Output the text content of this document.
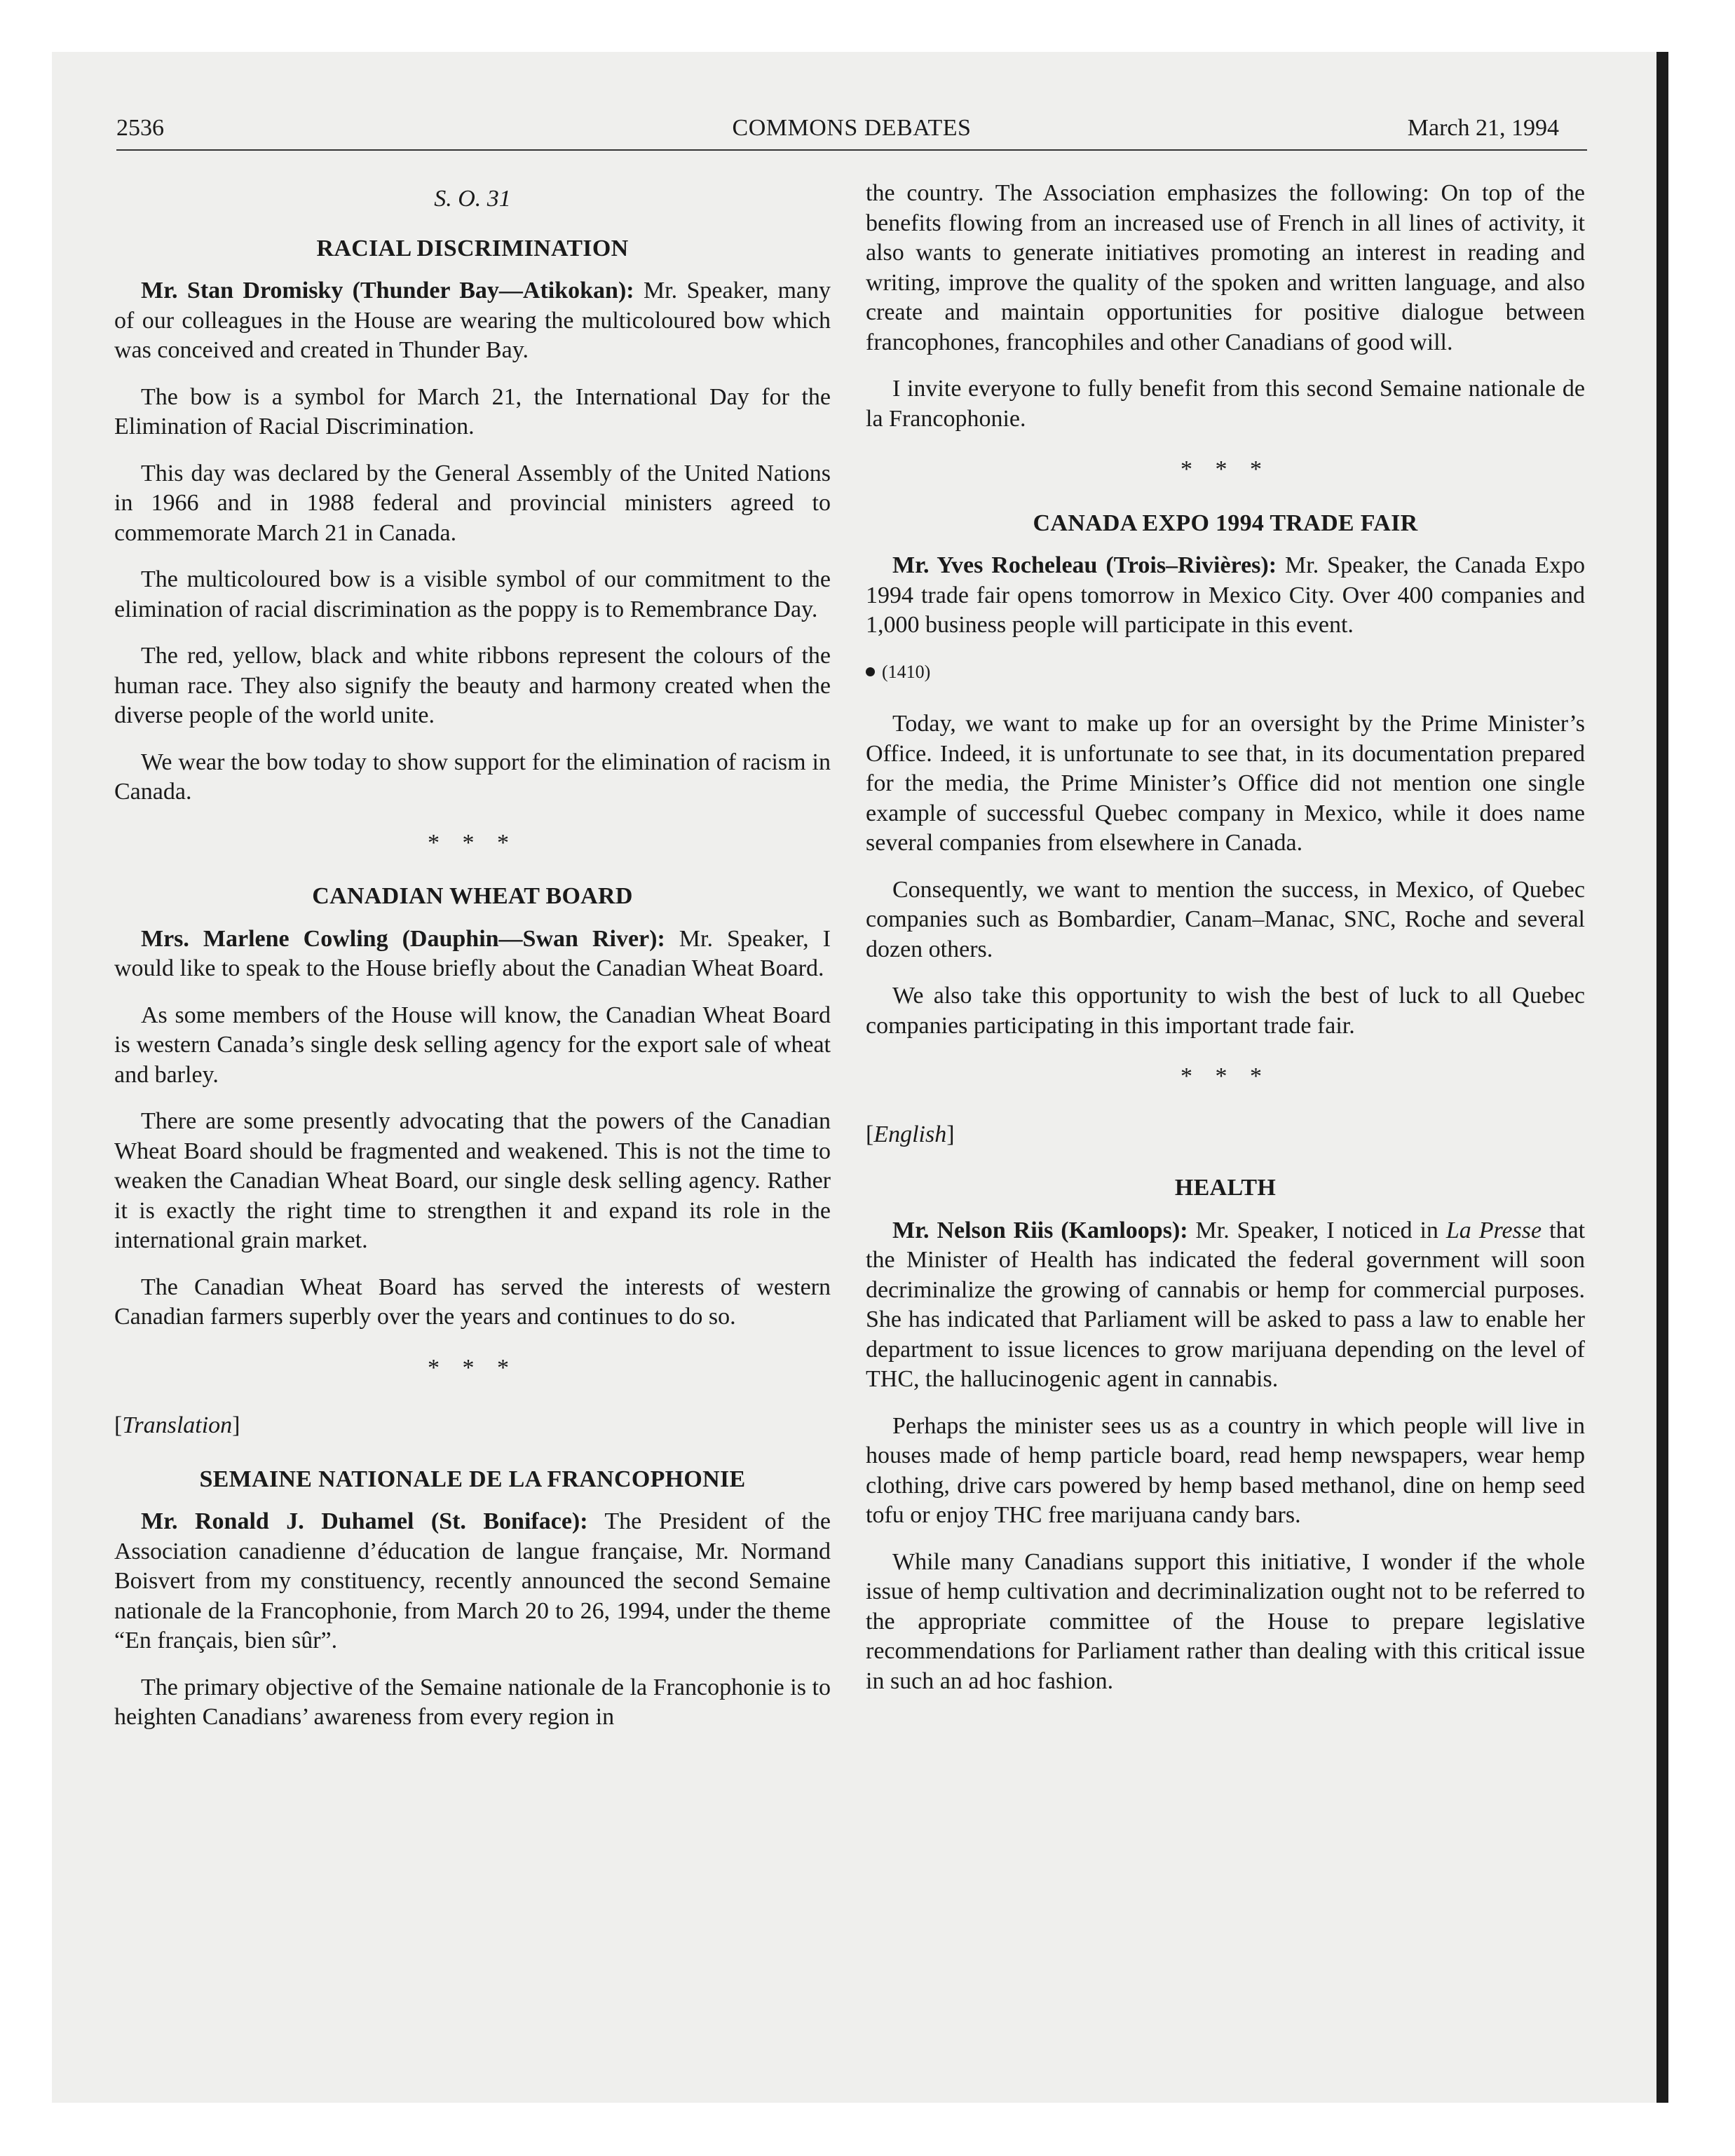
2536	COMMONS DEBATES	March 21, 1994
S. O. 31
RACIAL DISCRIMINATION

Mr. Stan Dromisky (Thunder Bay—Atikokan): Mr. Speaker, many of our colleagues in the House are wearing the multicoloured bow which was conceived and created in Thunder Bay.

The bow is a symbol for March 21, the International Day for the Elimination of Racial Discrimination.

This day was declared by the General Assembly of the United Nations in 1966 and in 1988 federal and provincial ministers agreed to commemorate March 21 in Canada.

The multicoloured bow is a visible symbol of our commitment to the elimination of racial discrimination as the poppy is to Remembrance Day.

The red, yellow, black and white ribbons represent the colours of the human race. They also signify the beauty and harmony created when the diverse people of the world unite.

We wear the bow today to show support for the elimination of racism in Canada.

* * *
CANADIAN WHEAT BOARD

Mrs. Marlene Cowling (Dauphin—Swan River): Mr. Speaker, I would like to speak to the House briefly about the Canadian Wheat Board.

As some members of the House will know, the Canadian Wheat Board is western Canada’s single desk selling agency for the export sale of wheat and barley.

There are some presently advocating that the powers of the Canadian Wheat Board should be fragmented and weakened. This is not the time to weaken the Canadian Wheat Board, our single desk selling agency. Rather it is exactly the right time to strengthen it and expand its role in the international grain market.

The Canadian Wheat Board has served the interests of western Canadian farmers superbly over the years and continues to do so.

* * *
[Translation]
SEMAINE NATIONALE DE LA FRANCOPHONIE

Mr. Ronald J. Duhamel (St. Boniface): The President of the Association canadienne d’éducation de langue française, Mr. Normand Boisvert from my constituency, recently announced the second Semaine nationale de la Francophonie, from March 20 to 26, 1994, under the theme “En français, bien sûr”.

The primary objective of the Semaine nationale de la Francophonie is to heighten Canadians’ awareness from every region in

the country. The Association emphasizes the following: On top of the benefits flowing from an increased use of French in all lines of activity, it also wants to generate initiatives promoting an interest in reading and writing, improve the quality of the spoken and written language, and also create and maintain opportunities for positive dialogue between francophones, francophiles and other Canadians of good will.

I invite everyone to fully benefit from this second Semaine nationale de la Francophonie.

* * *
CANADA EXPO 1994 TRADE FAIR

Mr. Yves Rocheleau (Trois–Rivières): Mr. Speaker, the Canada Expo 1994 trade fair opens tomorrow in Mexico City. Over 400 companies and 1,000 business people will participate in this event.

(1410)

Today, we want to make up for an oversight by the Prime Minister’s Office. Indeed, it is unfortunate to see that, in its documentation prepared for the media, the Prime Minister’s Office did not mention one single example of successful Quebec company in Mexico, while it does name several companies from elsewhere in Canada.

Consequently, we want to mention the success, in Mexico, of Quebec companies such as Bombardier, Canam–Manac, SNC, Roche and several dozen others.

We also take this opportunity to wish the best of luck to all Quebec companies participating in this important trade fair.

* * *
[English]
HEALTH

Mr. Nelson Riis (Kamloops): Mr. Speaker, I noticed in La Presse that the Minister of Health has indicated the federal government will soon decriminalize the growing of cannabis or hemp for commercial purposes. She has indicated that Parliament will be asked to pass a law to enable her department to issue licences to grow marijuana depending on the level of THC, the hallucinogenic agent in cannabis.

Perhaps the minister sees us as a country in which people will live in houses made of hemp particle board, read hemp newspapers, wear hemp clothing, drive cars powered by hemp based methanol, dine on hemp seed tofu or enjoy THC free marijuana candy bars.

While many Canadians support this initiative, I wonder if the whole issue of hemp cultivation and decriminalization ought not to be referred to the appropriate committee of the House to prepare legislative recommendations for Parliament rather than dealing with this critical issue in such an ad hoc fashion.
